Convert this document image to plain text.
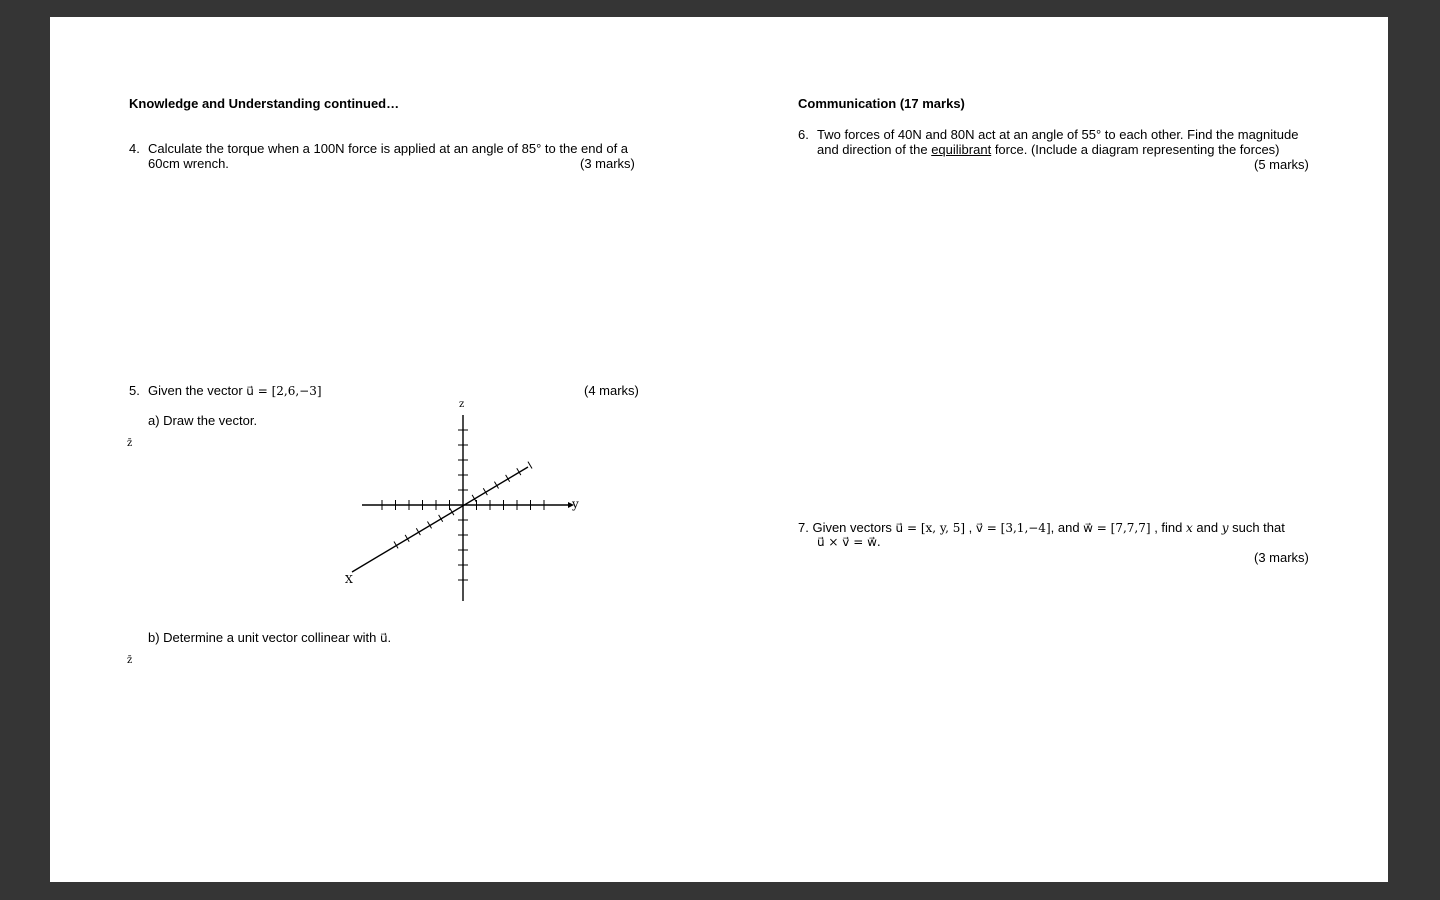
Knowledge and Understanding continued…
4. Calculate the torque when a 100N force is applied at an angle of 85° to the end of a
60cm wrench.	(3 marks)
5. Given the vector u⃗ = [2,6,−3]	(4 marks)
a) Draw the vector.
z̄
z
y
X
b) Determine a unit vector collinear with u⃗.
z̄
Communication (17 marks)
6. Two forces of 40N and 80N act at an angle of 55° to each other. Find the magnitude
and direction of the equilibrant force. (Include a diagram representing the forces)
(5 marks)
7. Given vectors u⃗ = [x, y, 5] , v⃗ = [3,1,−4], and w⃗ = [7,7,7] , find x and y such that
u⃗ × v⃗ = w⃗.
(3 marks)
